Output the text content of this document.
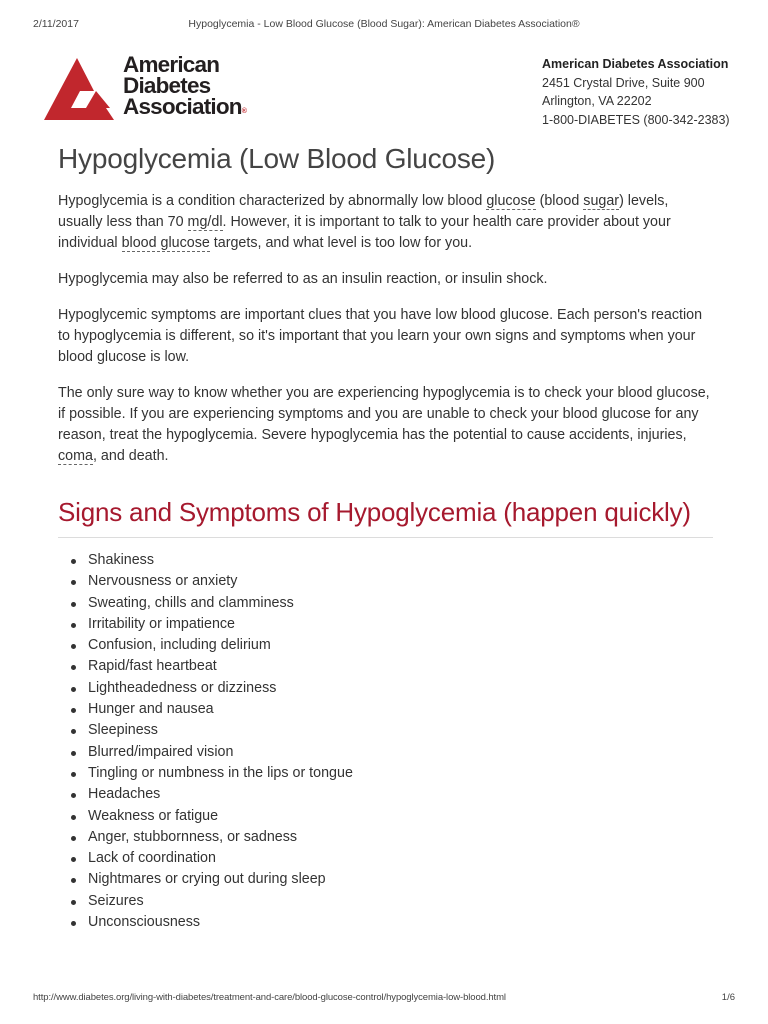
2/11/2017	Hypoglycemia - Low Blood Glucose (Blood Sugar): American Diabetes Association®
American
Diabetes
Association®
American Diabetes Association
2451 Crystal Drive, Suite 900
Arlington, VA 22202
1-800-DIABETES (800-342-2383)
Hypoglycemia (Low Blood Glucose)

Hypoglycemia is a condition characterized by abnormally low blood glucose (blood sugar) levels, usually less than 70 mg/dl. However, it is important to talk to your health care provider about your individual blood glucose targets, and what level is too low for you.

Hypoglycemia may also be referred to as an insulin reaction, or insulin shock.

Hypoglycemic symptoms are important clues that you have low blood glucose. Each person's reaction to hypoglycemia is different, so it's important that you learn your own signs and symptoms when your blood glucose is low.

The only sure way to know whether you are experiencing hypoglycemia is to check your blood glucose, if possible. If you are experiencing symptoms and you are unable to check your blood glucose for any reason, treat the hypoglycemia. Severe hypoglycemia has the potential to cause accidents, injuries, coma, and death.

Signs and Symptoms of Hypoglycemia (happen quickly)
Shakiness
Nervousness or anxiety
Sweating, chills and clamminess
Irritability or impatience
Confusion, including delirium
Rapid/fast heartbeat
Lightheadedness or dizziness
Hunger and nausea
Sleepiness
Blurred/impaired vision
Tingling or numbness in the lips or tongue
Headaches
Weakness or fatigue
Anger, stubbornness, or sadness
Lack of coordination
Nightmares or crying out during sleep
Seizures
Unconsciousness
http://www.diabetes.org/living-with-diabetes/treatment-and-care/blood-glucose-control/hypoglycemia-low-blood.html	1/6
